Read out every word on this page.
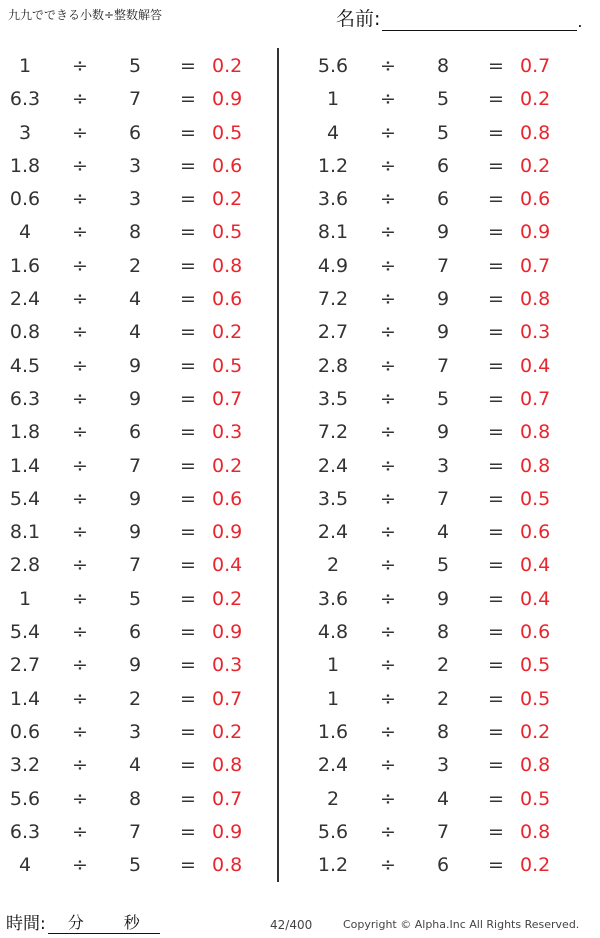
九九でできる小数÷整数解答	名前:	.
1	÷	5	= 0.2
6.3	÷	7	= 0.9
3	÷	6	= 0.5
1.8	÷	3	= 0.6
0.6	÷	3	= 0.2
4	÷	8	= 0.5
1.6	÷	2	= 0.8
2.4	÷	4	= 0.6
0.8	÷	4	= 0.2
4.5	÷	9	= 0.5
6.3	÷	9	= 0.7
1.8	÷	6	= 0.3
1.4	÷	7	= 0.2
5.4	÷	9	= 0.6
8.1	÷	9	= 0.9
2.8	÷	7	= 0.4
1	÷	5	= 0.2
5.4	÷	6	= 0.9
2.7	÷	9	= 0.3
1.4	÷	2	= 0.7
0.6	÷	3	= 0.2
3.2	÷	4	= 0.8
5.6	÷	8	= 0.7
6.3	÷	7	= 0.9
4	÷	5	= 0.8
5.6	÷	8	= 0.7
1	÷	5	= 0.2
4	÷	5	= 0.8
1.2	÷	6	= 0.2
3.6	÷	6	= 0.6
8.1	÷	9	= 0.9
4.9	÷	7	= 0.7
7.2	÷	9	= 0.8
2.7	÷	9	= 0.3
2.8	÷	7	= 0.4
3.5	÷	5	= 0.7
7.2	÷	9	= 0.8
2.4	÷	3	= 0.8
3.5	÷	7	= 0.5
2.4	÷	4	= 0.6
2	÷	5	= 0.4
3.6	÷	9	= 0.4
4.8	÷	8	= 0.6
1	÷	2	= 0.5
1	÷	2	= 0.5
1.6	÷	8	= 0.2
2.4	÷	3	= 0.8
2	÷	4	= 0.5
5.6	÷	7	= 0.8
1.2	÷	6	= 0.2
時間: 分 秒	42/400	Copyright © Alpha.Inc All Rights Reserved.
